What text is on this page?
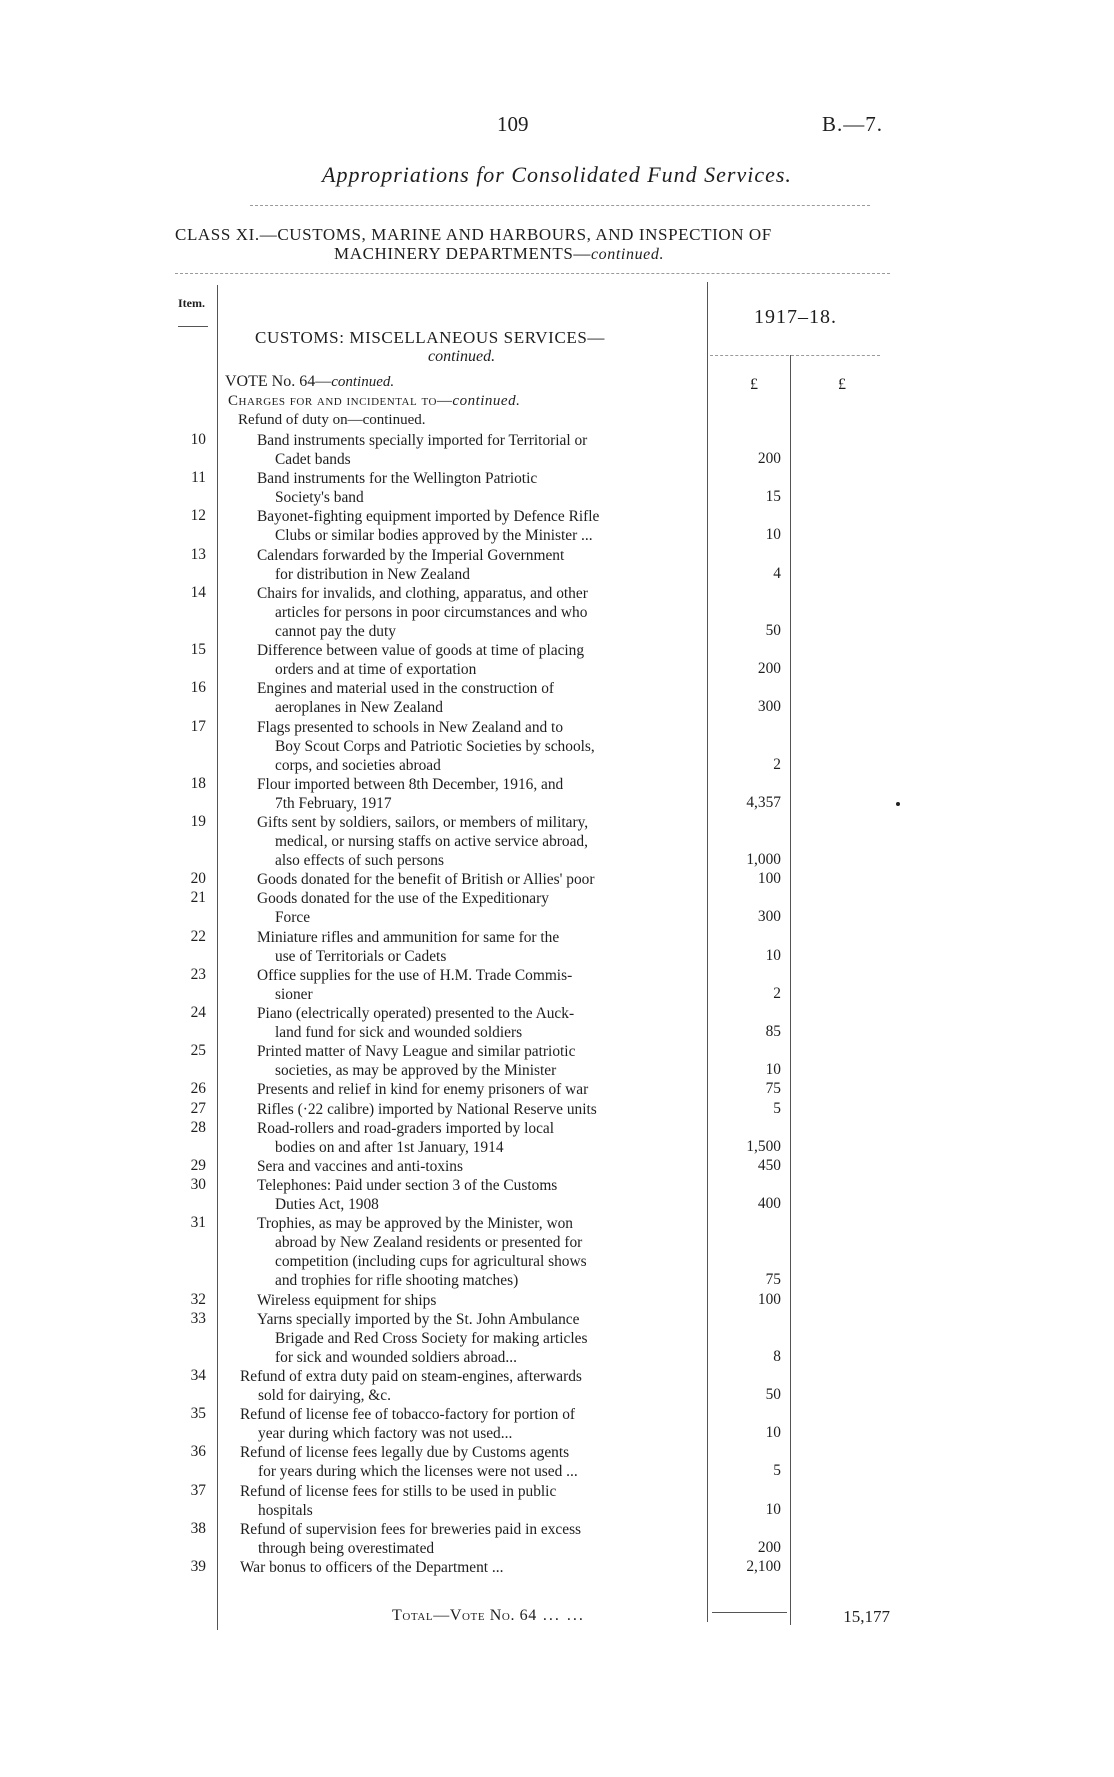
109	B.—7.
Appropriations for Consolidated Fund Services.
CLASS XI.—CUSTOMS, MARINE AND HARBOURS, AND INSPECTION OF
MACHINERY DEPARTMENTS—continued.
Item.
1917–18.
£	£
CUSTOMS: MISCELLANEOUS SERVICES—
continued.
VOTE No. 64—continued.
Charges for and incidental to—continued.
Refund of duty on—continued.
10	Band instruments specially imported for Territorial or
Cadet bands	200
11	Band instruments for the Wellington Patriotic
Society's band	15
12	Bayonet-fighting equipment imported by Defence Rifle
Clubs or similar bodies approved by the Minister ...	10
13	Calendars forwarded by the Imperial Government
for distribution in New Zealand	4
14	Chairs for invalids, and clothing, apparatus, and other
articles for persons in poor circumstances and who
cannot pay the duty	50
15	Difference between value of goods at time of placing
orders and at time of exportation	200
16	Engines and material used in the construction of
aeroplanes in New Zealand	300
17	Flags presented to schools in New Zealand and to
Boy Scout Corps and Patriotic Societies by schools,
corps, and societies abroad	2
18	Flour imported between 8th December, 1916, and
7th February, 1917	4,357
19	Gifts sent by soldiers, sailors, or members of military,
medical, or nursing staffs on active service abroad,
also effects of such persons	1,000
20	Goods donated for the benefit of British or Allies' poor	100
21	Goods donated for the use of the Expeditionary
Force	300
22	Miniature rifles and ammunition for same for the
use of Territorials or Cadets	10
23	Office supplies for the use of H.M. Trade Commis-
sioner	2
24	Piano (electrically operated) presented to the Auck-
land fund for sick and wounded soldiers	85
25	Printed matter of Navy League and similar patriotic
societies, as may be approved by the Minister	10
26	Presents and relief in kind for enemy prisoners of war	75
27	Rifles (·22 calibre) imported by National Reserve units	5
28	Road-rollers and road-graders imported by local
bodies on and after 1st January, 1914	1,500
29	Sera and vaccines and anti-toxins	450
30	Telephones: Paid under section 3 of the Customs
Duties Act, 1908	400
31	Trophies, as may be approved by the Minister, won
abroad by New Zealand residents or presented for
competition (including cups for agricultural shows
and trophies for rifle shooting matches)	75
32	Wireless equipment for ships	100
33	Yarns specially imported by the St. John Ambulance
Brigade and Red Cross Society for making articles
for sick and wounded soldiers abroad...	8
34 Refund of extra duty paid on steam-engines, afterwards
sold for dairying, &c.	50
35 Refund of license fee of tobacco-factory for portion of
year during which factory was not used...	10
36 Refund of license fees legally due by Customs agents
for years during which the licenses were not used ...	5
37 Refund of license fees for stills to be used in public
hospitals	10
38 Refund of supervision fees for breweries paid in excess
through being overestimated	200
39 War bonus to officers of the Department ...	2,100
Total—Vote No. 64 ... ...	15,177
